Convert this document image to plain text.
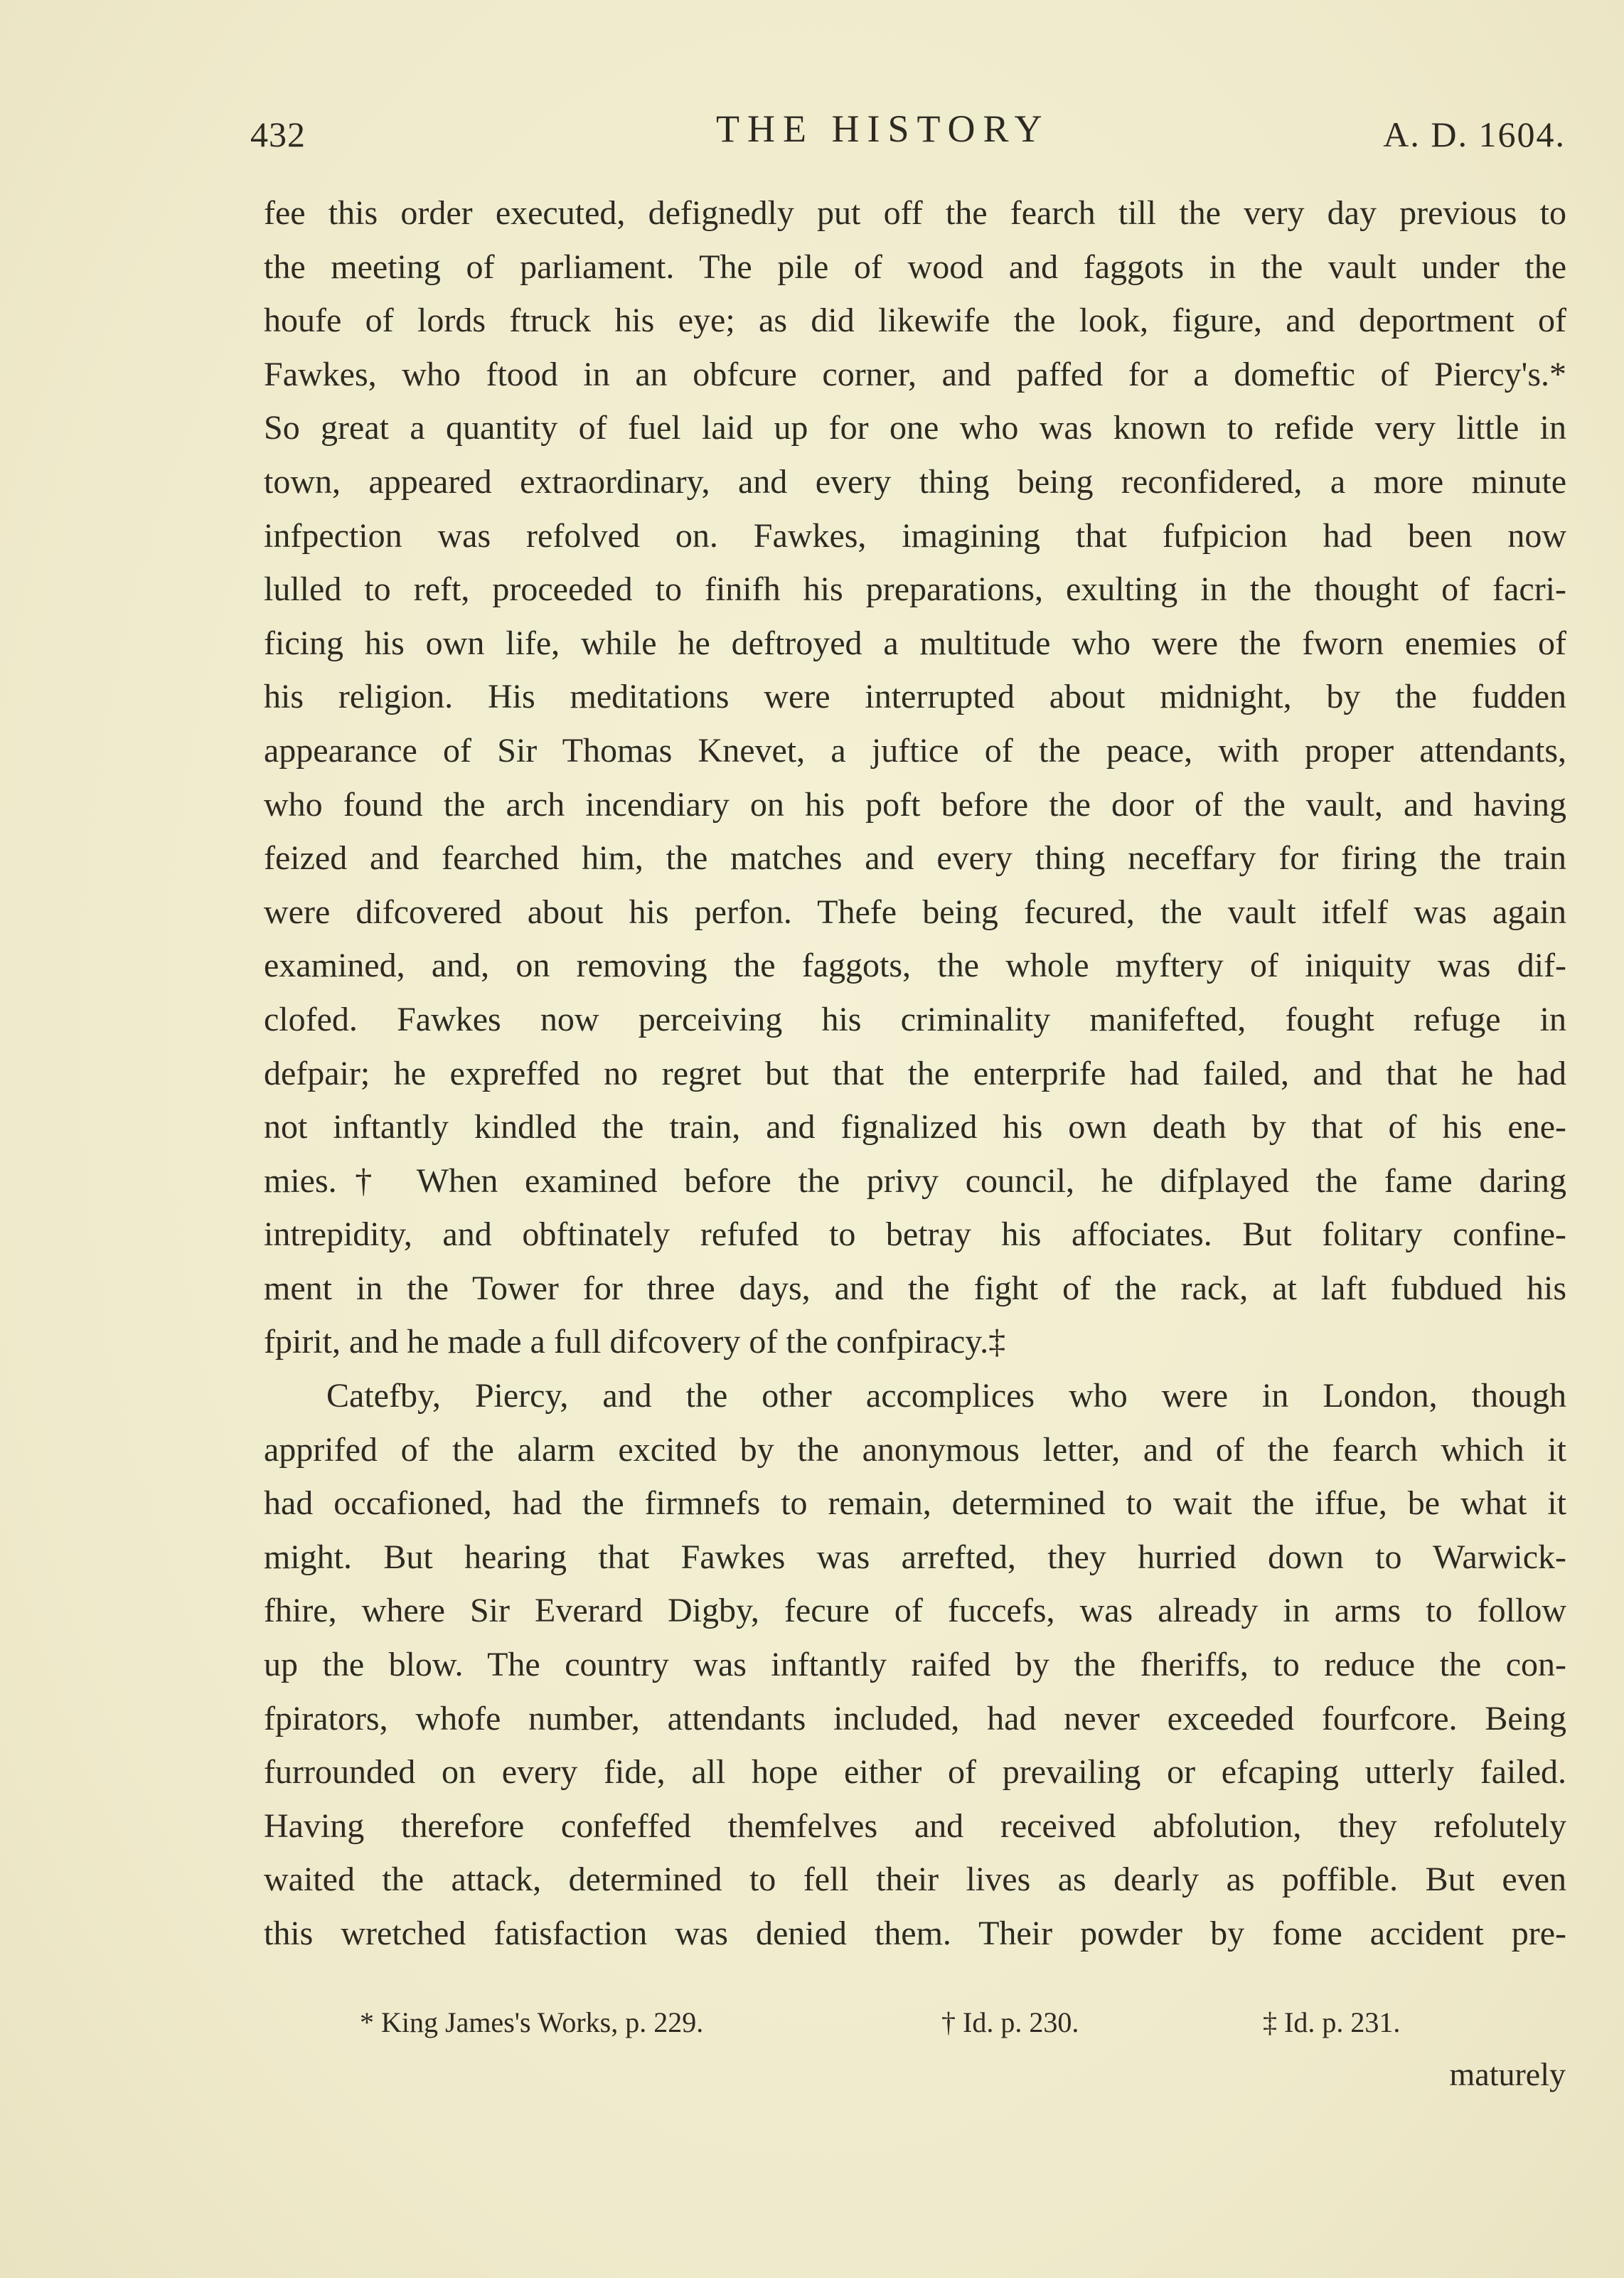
432	THE HISTORY	A. D. 1604.
fee this order executed, defignedly put off the fearch till the very day previous to
the meeting of parliament. The pile of wood and faggots in the vault under the
houfe of lords ftruck his eye; as did likewife the look, figure, and deportment of
Fawkes, who ftood in an obfcure corner, and paffed for a domeftic of Piercy's.*
So great a quantity of fuel laid up for one who was known to refide very little in
town, appeared extraordinary, and every thing being reconfidered, a more minute
infpection was refolved on. Fawkes, imagining that fufpicion had been now
lulled to reft, proceeded to finifh his preparations, exulting in the thought of facri-
ficing his own life, while he deftroyed a multitude who were the fworn enemies of
his religion. His meditations were interrupted about midnight, by the fudden
appearance of Sir Thomas Knevet, a juftice of the peace, with proper attendants,
who found the arch incendiary on his poft before the door of the vault, and having
feized and fearched him, the matches and every thing neceffary for firing the train
were difcovered about his perfon. Thefe being fecured, the vault itfelf was again
examined, and, on removing the faggots, the whole myftery of iniquity was dif-
clofed. Fawkes now perceiving his criminality manifefted, fought refuge in
defpair; he expreffed no regret but that the enterprife had failed, and that he had
not inftantly kindled the train, and fignalized his own death by that of his ene-
mies.† When examined before the privy council, he difplayed the fame daring
intrepidity, and obftinately refufed to betray his affociates. But folitary confine-
ment in the Tower for three days, and the fight of the rack, at laft fubdued his
fpirit, and he made a full difcovery of the confpiracy.‡
Catefby, Piercy, and the other accomplices who were in London, though
apprifed of the alarm excited by the anonymous letter, and of the fearch which it
had occafioned, had the firmnefs to remain, determined to wait the iffue, be what it
might. But hearing that Fawkes was arrefted, they hurried down to Warwick-
fhire, where Sir Everard Digby, fecure of fuccefs, was already in arms to follow
up the blow. The country was inftantly raifed by the fheriffs, to reduce the con-
fpirators, whofe number, attendants included, had never exceeded fourfcore. Being
furrounded on every fide, all hope either of prevailing or efcaping utterly failed.
Having therefore confeffed themfelves and received abfolution, they refolutely
waited the attack, determined to fell their lives as dearly as poffible. But even
this wretched fatisfaction was denied them. Their powder by fome accident pre-
* King James's Works, p. 229.	† Id. p. 230.	‡ Id. p. 231.
maturely
